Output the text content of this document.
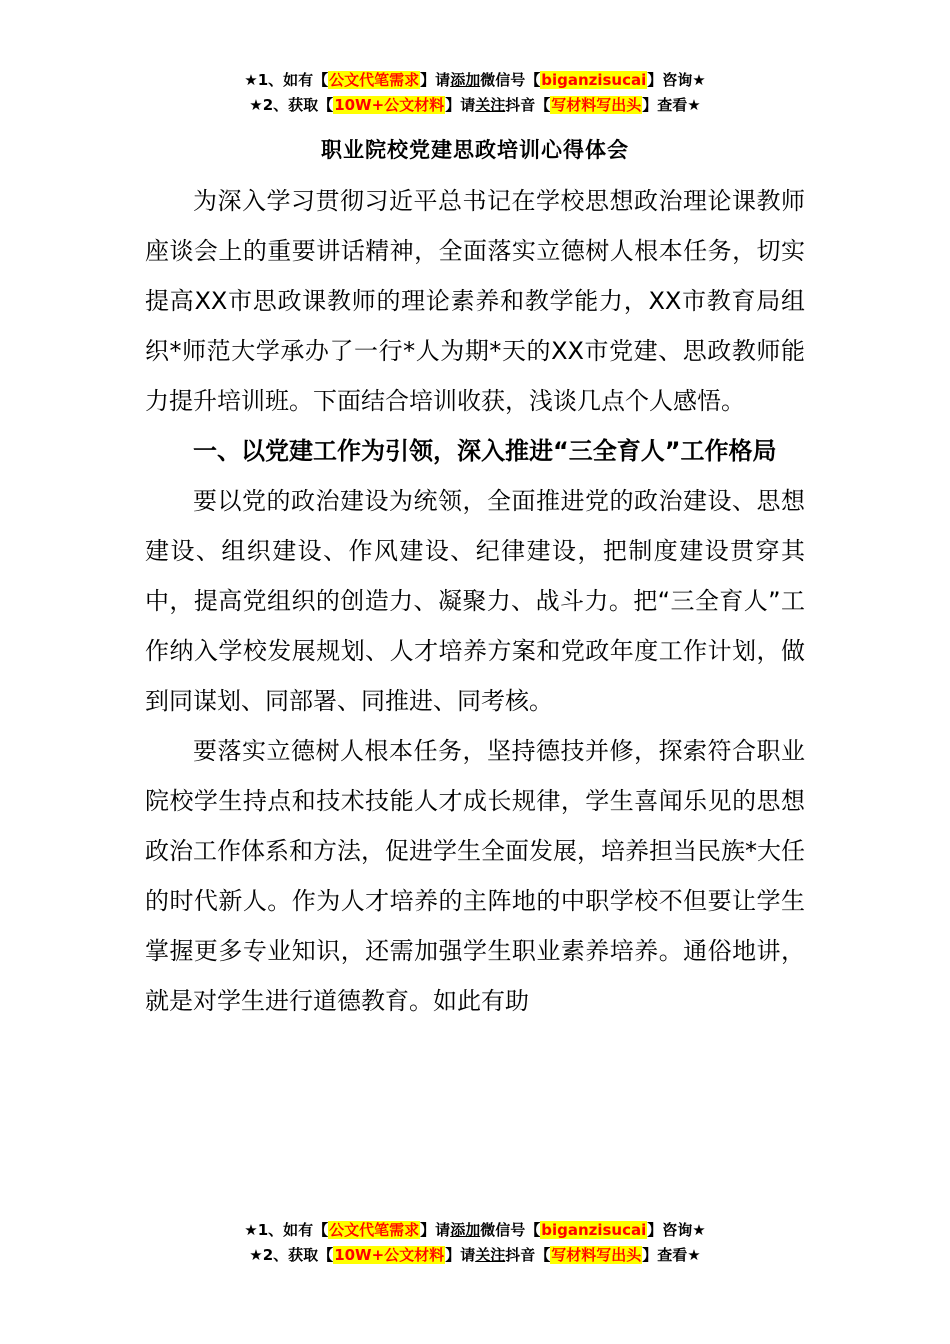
★1、如有【公文代笔需求】请添加微信号【biganzisucai】咨询★
★2、获取【10W+公文材料】请关注抖音【写材料写出头】查看★
职业院校党建思政培训心得体会

为深入学习贯彻习近平总书记在学校思想政治理论课教师座谈会上的重要讲话精神，全面落实立德树人根本任务，切实提高XX市思政课教师的理论素养和教学能力，XX市教育局组织*师范大学承办了一行*人为期*天的XX市党建、思政教师能力提升培训班。下面结合培训收获，浅谈几点个人感悟。

一、以党建工作为引领，深入推进“三全育人”工作格局

要以党的政治建设为统领，全面推进党的政治建设、思想建设、组织建设、作风建设、纪律建设，把制度建设贯穿其中，提高党组织的创造力、凝聚力、战斗力。把“三全育人”工作纳入学校发展规划、人才培养方案和党政年度工作计划，做到同谋划、同部署、同推进、同考核。

要落实立德树人根本任务，坚持德技并修，探索符合职业院校学生持点和技术技能人才成长规律，学生喜闻乐见的思想政治工作体系和方法，促进学生全面发展，培养担当民族*大任的时代新人。作为人才培养的主阵地的中职学校不但要让学生掌握更多专业知识，还需加强学生职业素养培养。通俗地讲，就是对学生进行道德教育。如此有助

★1、如有【公文代笔需求】请添加微信号【biganzisucai】咨询★
★2、获取【10W+公文材料】请关注抖音【写材料写出头】查看★
